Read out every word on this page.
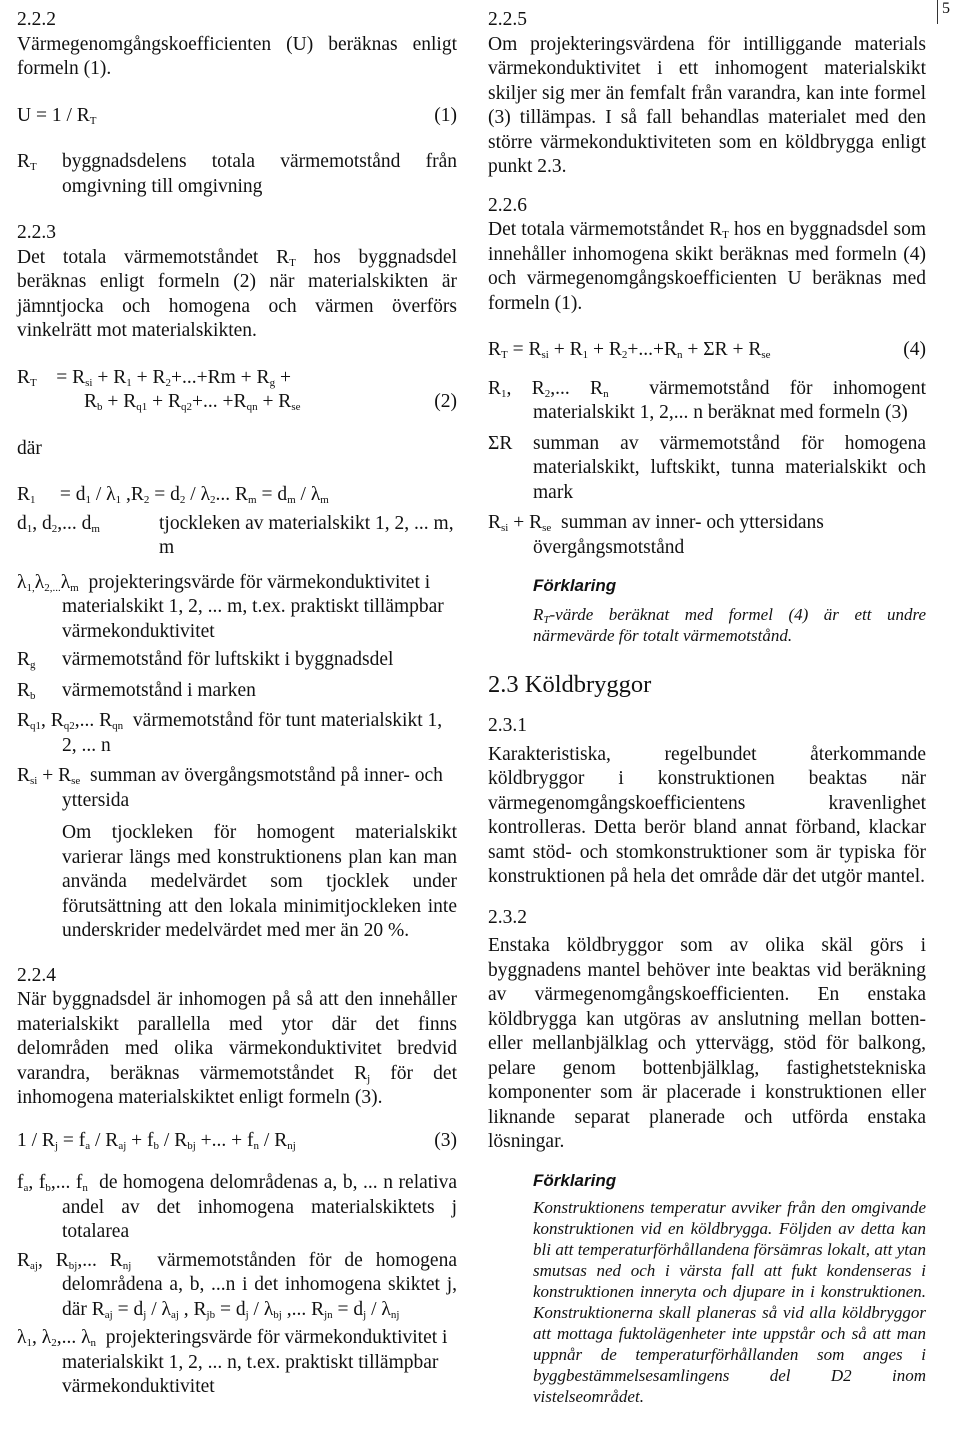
5

2.2.2

Värmegenomgångskoefficienten (U) beräknas enligt formeln (1).

$U = 1 / R_T$	(1)
$R_T$	byggnadsdelens totala värmemotstånd från omgivning till omgivning

2.2.3

Det totala värmemotståndet $R_T$ hos byggnadsdel beräknas enligt formeln (2) när materialskikten är jämntjocka och homogena och värmen överförs vinkelrätt mot materialskikten.

$R_T$    = $R_{si} + R_1 + R_2+...+Rm + R_g$ +
$R_b + R_{q1} + R_{q2}+$... $+R_{qn} + R_{se}$	(2)

där

$R_1$     = $d_1 / \lambda_1$ $,R_2 = d_2 / \lambda_2$... $R_m = d_m / \lambda_m$
$d_1$, $d_2$,... $d_m$	tjockleken av materialskikt 1, 2, ... m, m
$\lambda_{1,}\lambda_{2,...}\lambda_m$ projekteringsvärde för värmekonduktivitet i materialskikt 1, 2, ... m, t.ex. praktiskt tillämpbar värmekonduktivitet
$R_g$	värmemotstånd för luftskikt i byggnadsdel
$R_b$	värmemotstånd i marken
$R_{q1}$, $R_{q2}$,... $R_{qn}$ värmemotstånd för tunt materialskikt 1, 2, ... n
$R_{si} + R_{se}$ summan av övergångsmotstånd på inner- och yttersida

Om tjockleken för homogent materialskikt varierar längs med konstruktionens plan kan man använda medelvärdet som tjocklek under förutsättning att den lokala minimitjockleken inte underskrider medelvärdet med mer än 20 %.

2.2.4

När byggnadsdel är inhomogen på så att den innehåller materialskikt parallella med ytor där det finns delområden med olika värmekonduktivitet bredvid varandra, beräknas värmemotståndet $R_j$ för det inhomogena materialskiktet enligt formeln (3).

$1 / R_j = f_a / R_{aj} + f_b / R_{bj}$ +... + $f_n / R_{nj}$	(3)
$f_a$, $f_b$,... $f_n$ de homogena delområdenas a, b, ... n relativa andel av det inhomogena materialskiktets j totalarea
$R_{aj}$, $R_{bj}$,... $R_{nj}$ värmemotstånden för de homogena delområdena a, b, ...n i det inhomogena skiktet j, där $R_{aj} = d_j / \lambda_{aj}$ , $R_{jb} = d_j / \lambda_{bj}$ ,... $R_{jn} = d_j / \lambda_{nj}$
$\lambda_1$, $\lambda_2$,... $\lambda_n$ projekteringsvärde för värmekonduktivitet i materialskikt 1, 2, ... n, t.ex. praktiskt tillämpbar värmekonduktivitet

2.2.5

Om projekteringsvärdena för intilliggande materials värmekonduktivitet i ett inhomogent materialskikt skiljer sig mer än femfalt från varandra, kan inte formel (3) tillämpas. I så fall behandlas materialet med den större värmekonduktiviteten som en köldbrygga enligt punkt 2.3.

2.2.6

Det totala värmemotståndet $R_T$ hos en byggnadsdel som innehåller inhomogena skikt beräknas med formeln (4) och värmegenomgångskoefficienten U beräknas med formeln (1).

$R_T = R_{si} + R_1 + R_2+...+R_n + \Sigma R + R_{se}$	(4)
$R_1$, $R_2$,... $R_n$ värmemotstånd för inhomogent materialskikt 1, 2,... n beräknat med formeln (3)
ΣR	summan av värmemotstånd för homogena materialskikt, luftskikt, tunna materialskikt och mark
$R_{si} + R_{se}$ summan av inner- och yttersidans övergångsmotstånd

Förklaring

$R_T$-värde beräknat med formel (4) är ett undre närmevärde för totalt värmemotstånd.

2.3 Köldbryggor

2.3.1

Karakteristiska, regelbundet återkommande köldbryggor i konstruktionen beaktas när värmegenomgångskoefficientens kravenlighet kontrolleras. Detta berör bland annat förband, klackar samt stöd- och stomkonstruktioner som är typiska för konstruktionen på hela det område där det utgör mantel.

2.3.2

Enstaka köldbryggor som av olika skäl görs i byggnadens mantel behöver inte beaktas vid beräkning av värmegenomgångskoefficienten. En enstaka köldbrygga kan utgöras av anslutning mellan botten- eller mellanbjälklag och yttervägg, stöd för balkong, pelare genom bottenbjälklag, fastighetstekniska komponenter som är placerade i konstruktionen eller liknande separat planerade och utförda enstaka lösningar.

Förklaring

Konstruktionens temperatur avviker från den omgivande konstruktionen vid en köldbrygga. Följden av detta kan bli att temperaturförhållandena försämras lokalt, att ytan smutsas ned och i värsta fall att fukt kondenseras i konstruktionen inneryta och djupare in i konstruktionen. Konstruktionerna skall planeras så vid alla köldbryggor att mottaga fuktolägenheter inte uppstår och så att man uppnår de temperaturförhållanden som anges i byggbestämmelsesamlingens del D2 inom vistelseområdet.
